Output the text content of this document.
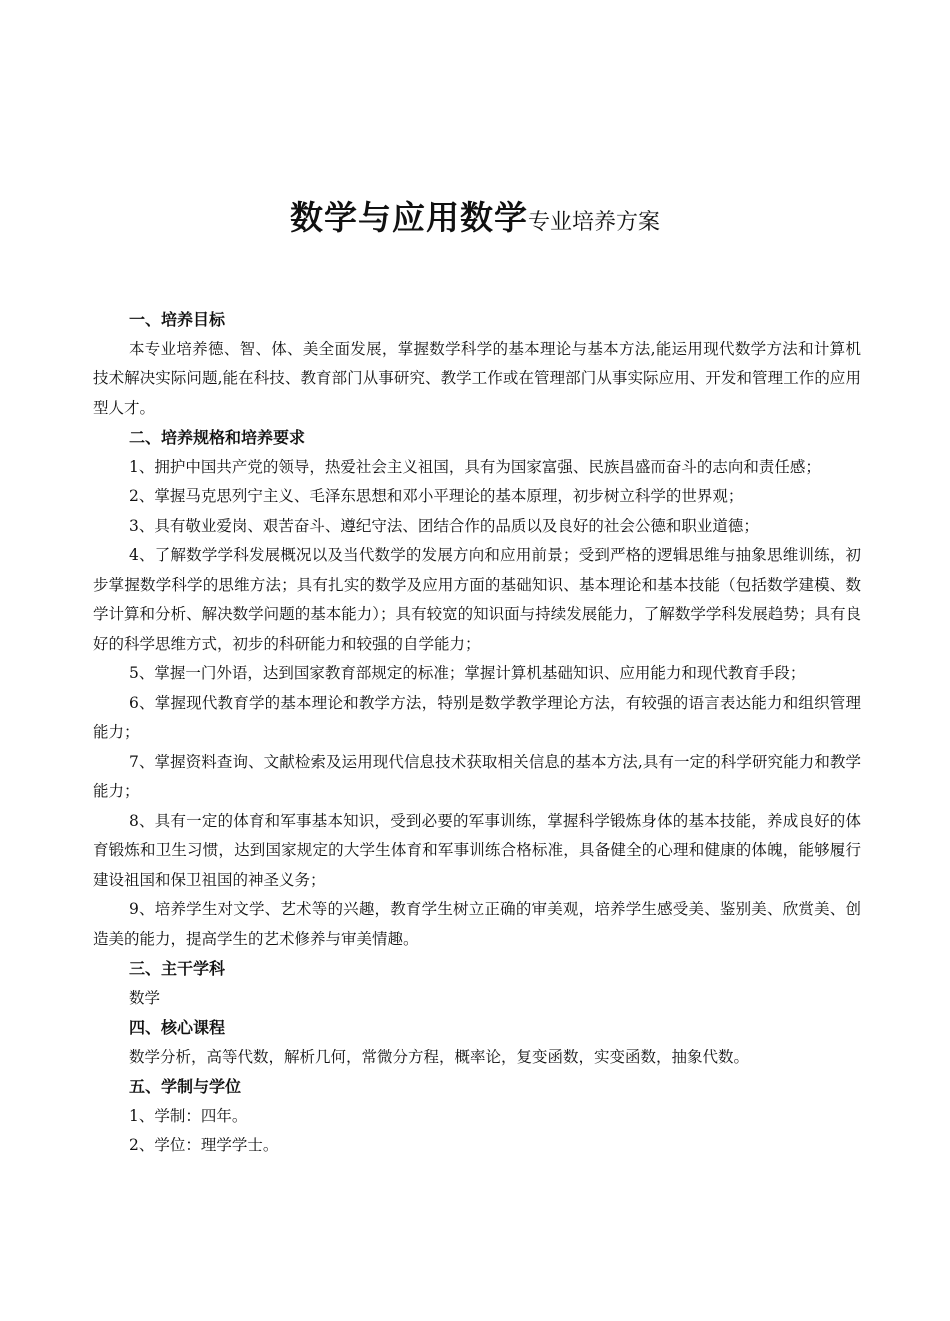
数学与应用数学专业培养方案

一、培养目标

本专业培养德、智、体、美全面发展，掌握数学科学的基本理论与基本方法,能运用现代数学方法和计算机技术解决实际问题,能在科技、教育部门从事研究、教学工作或在管理部门从事实际应用、开发和管理工作的应用型人才。

二、培养规格和培养要求

1、拥护中国共产党的领导，热爱社会主义祖国，具有为国家富强、民族昌盛而奋斗的志向和责任感；

2、掌握马克思列宁主义、毛泽东思想和邓小平理论的基本原理，初步树立科学的世界观；

3、具有敬业爱岗、艰苦奋斗、遵纪守法、团结合作的品质以及良好的社会公德和职业道德；

4、了解数学学科发展概况以及当代数学的发展方向和应用前景；受到严格的逻辑思维与抽象思维训练，初步掌握数学科学的思维方法；具有扎实的数学及应用方面的基础知识、基本理论和基本技能（包括数学建模、数学计算和分析、解决数学问题的基本能力）；具有较宽的知识面与持续发展能力，了解数学学科发展趋势；具有良好的科学思维方式，初步的科研能力和较强的自学能力；

5、掌握一门外语，达到国家教育部规定的标准；掌握计算机基础知识、应用能力和现代教育手段；

6、掌握现代教育学的基本理论和教学方法，特别是数学教学理论方法，有较强的语言表达能力和组织管理能力；

7、掌握资料查询、文献检索及运用现代信息技术获取相关信息的基本方法,具有一定的科学研究能力和教学能力；

8、具有一定的体育和军事基本知识，受到必要的军事训练，掌握科学锻炼身体的基本技能，养成良好的体育锻炼和卫生习惯，达到国家规定的大学生体育和军事训练合格标准，具备健全的心理和健康的体魄，能够履行建设祖国和保卫祖国的神圣义务；

9、培养学生对文学、艺术等的兴趣，教育学生树立正确的审美观，培养学生感受美、鉴别美、欣赏美、创造美的能力，提高学生的艺术修养与审美情趣。

三、主干学科

数学

四、核心课程

数学分析，高等代数，解析几何，常微分方程，概率论，复变函数，实变函数，抽象代数。

五、学制与学位

1、学制：四年。

2、学位：理学学士。
